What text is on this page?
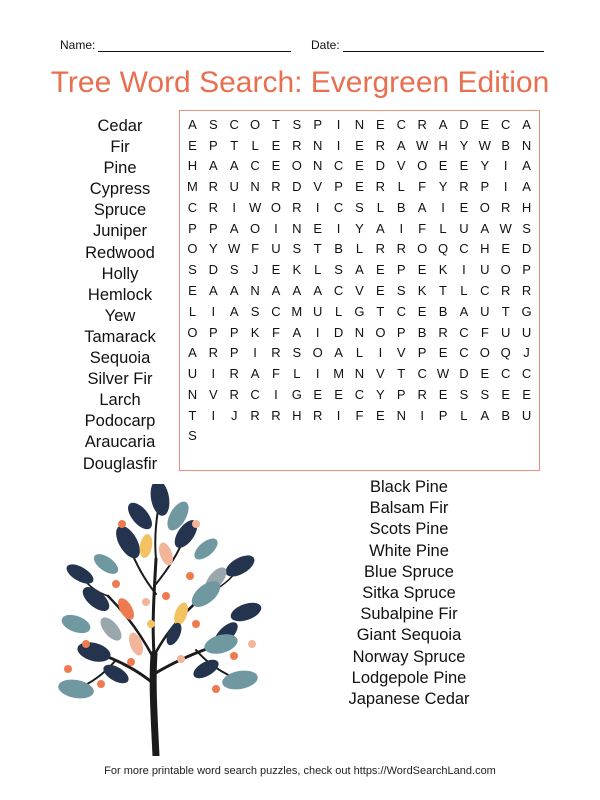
Name:	Date:
Tree Word Search: Evergreen Edition
Cedar
Fir
Pine
Cypress
Spruce
Juniper
Redwood
Holly
Hemlock
Yew
Tamarack
Sequoia
Silver Fir
Larch
Podocarp
Araucaria
Douglasfir
A S C O T S P	I	N E C R A D E C A
E P T	L E R N	I	E R A W H Y W B N
H A A C E O N C E D V O E E Y	I	A
M R U N R D V P E R L	F Y R P	I	A
C R	I W O R	I	C S L B A	I	E O R H
P P A O	I	N E	I	Y A	I	F	L U A W S
O Y W F U S T B L R R O Q C H E D
S D S	J	E K L S A E P E K	I	U O P
E A A N A A A C V E S K T	L C R R
L	I	A S C M U L G T C E B A U T G
O P P K F A	I	D N O P B R C F U U
A R P	I	R S O A L	I	V P E C O Q J
U	I	R A F	L	I	M N V T C W D E C C
N V R C	I	G E E C Y P R E S S E E
T	I	J R R H R	I	F E N	I	P L A B U
S
Black Pine
Balsam Fir
Scots Pine
White Pine
Blue Spruce
Sitka Spruce
Subalpine Fir
Giant Sequoia
Norway Spruce
Lodgepole Pine
Japanese Cedar
For more printable word search puzzles, check out https://WordSearchLand.com
